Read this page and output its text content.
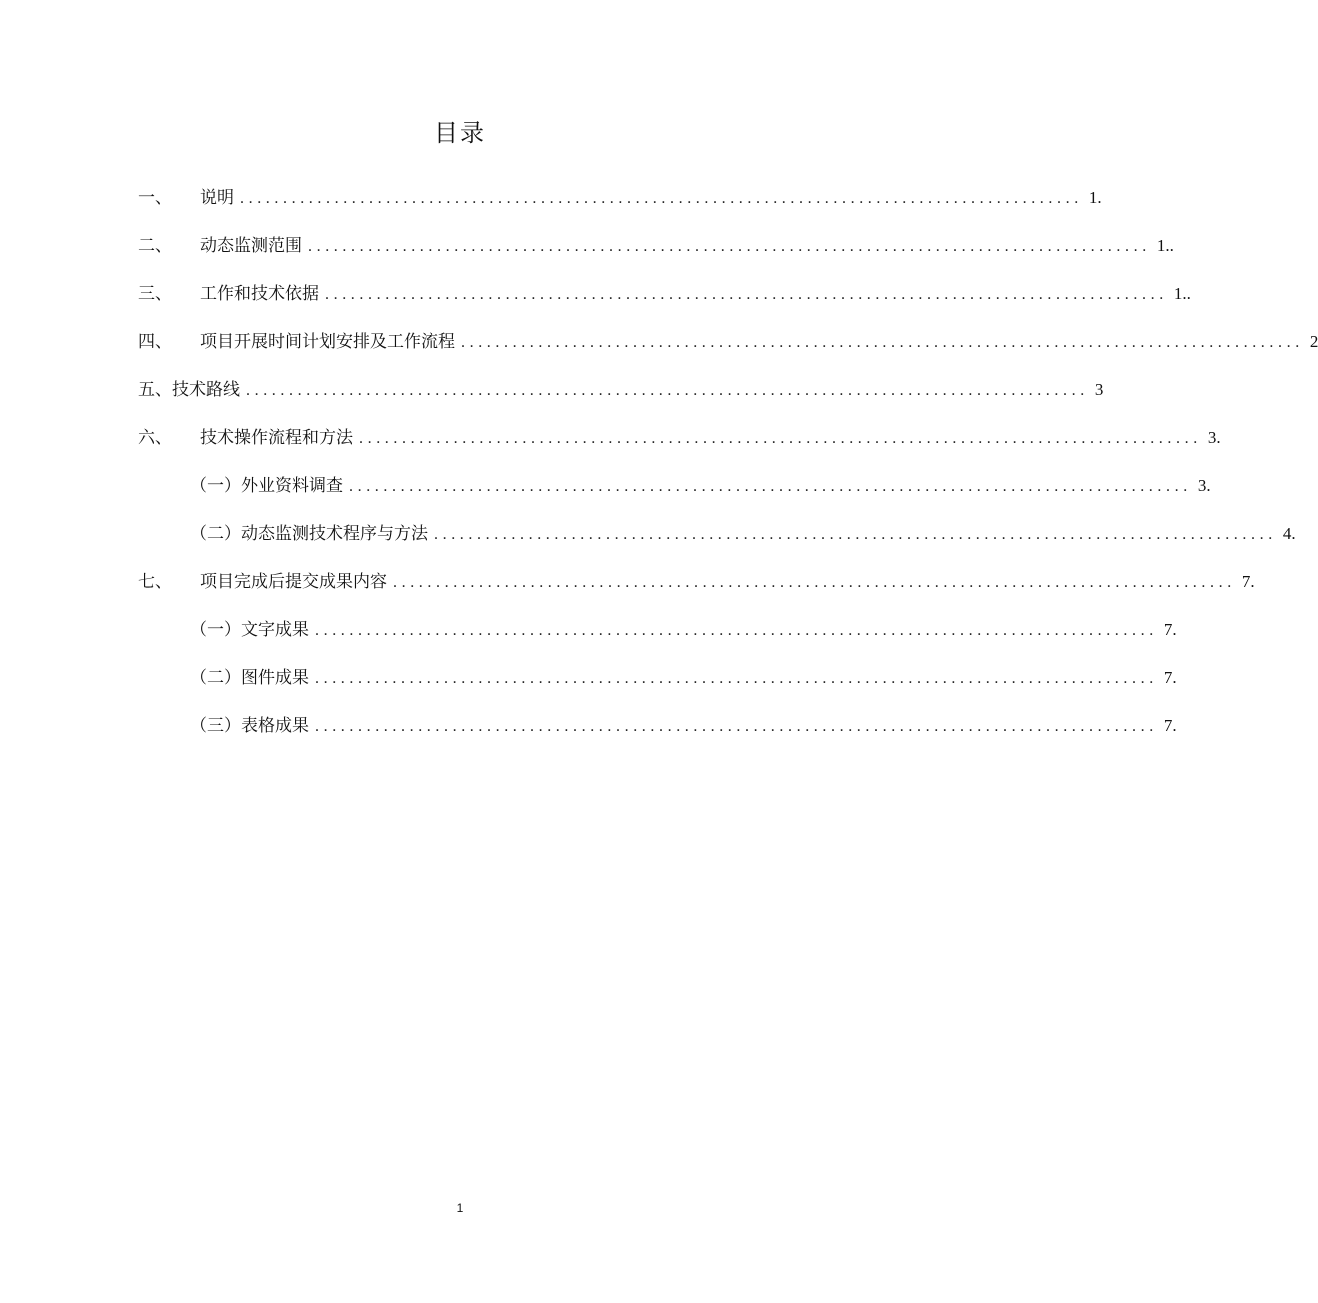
目录
一、	说明 .................................................................................................. 1.
二、	动态监测范围 .................................................................................................. 1..
三、	工作和技术依据 .................................................................................................. 1..
四、	项目开展时间计划安排及工作流程 .................................................................................................. 2
五、 技术路线 .................................................................................................. 3
六、	技术操作流程和方法 .................................................................................................. 3.
（一） 外业资料调查 .................................................................................................. 3.
（二） 动态监测技术程序与方法 .................................................................................................. 4.
七、	项目完成后提交成果内容 .................................................................................................. 7.
（一） 文字成果 .................................................................................................. 7.
（二） 图件成果 .................................................................................................. 7.
（三） 表格成果 .................................................................................................. 7.
1
